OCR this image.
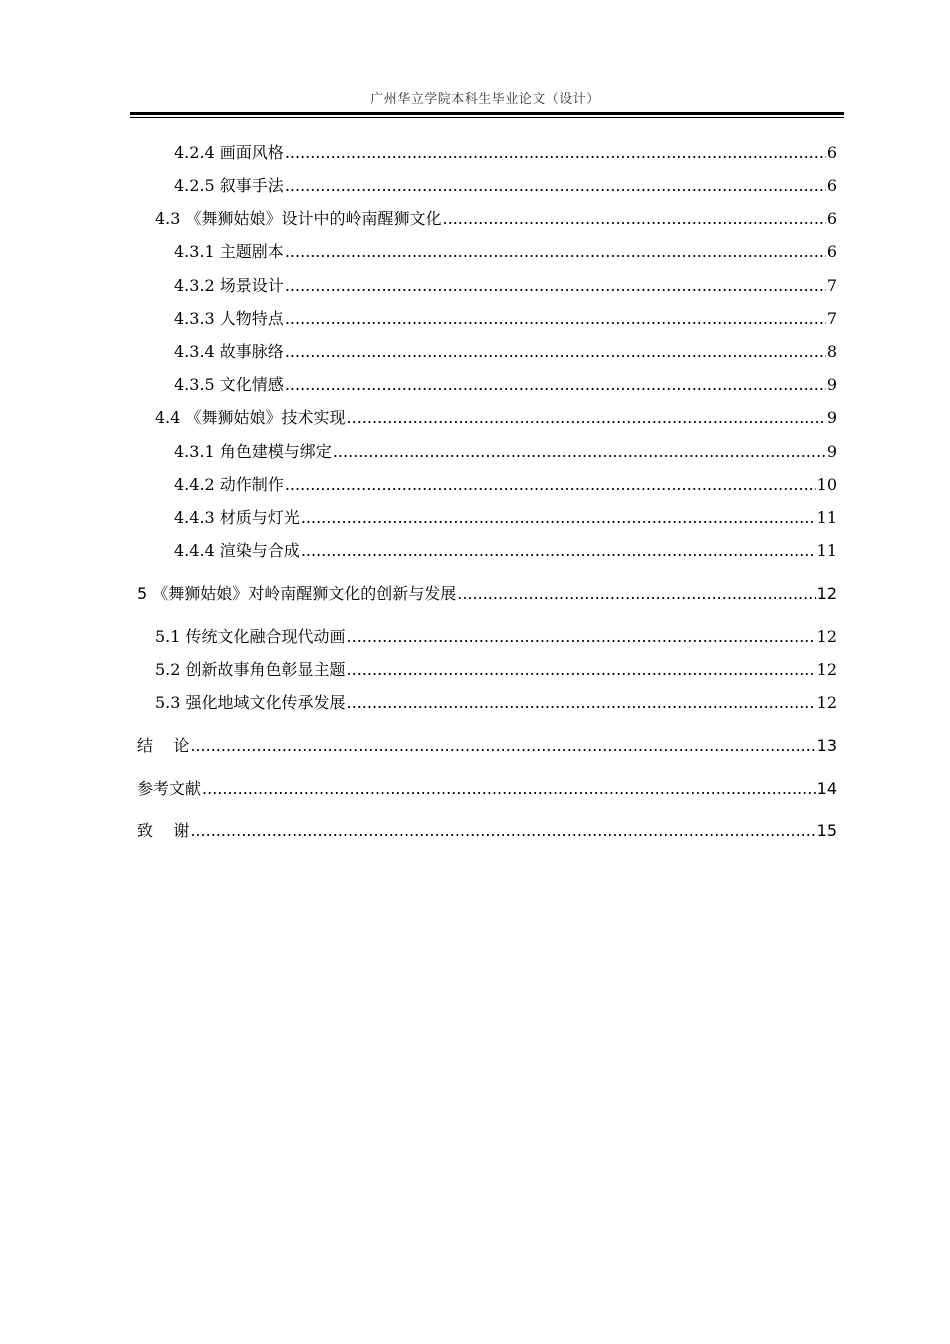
广州华立学院本科生毕业论文（设计）
4.2.4 画面风格 .....	6
4.2.5 叙事手法 .....	6
4.3 《舞狮姑娘》设计中的岭南醒狮文化 .....	6
4.3.1 主题剧本 .....	6
4.3.2 场景设计 .....	7
4.3.3 人物特点 .....	7
4.3.4 故事脉络 .....	8
4.3.5 文化情感 .....	9
4.4 《舞狮姑娘》技术实现 .....	9
4.3.1 角色建模与绑定 .....	9
4.4.2 动作制作 .....	10
4.4.3 材质与灯光 .....	11
4.4.4 渲染与合成 .....	11
5 《舞狮姑娘》对岭南醒狮文化的创新与发展 .....	12
5.1 传统文化融合现代动画 .....	12
5.2 创新故事角色彰显主题 .....	12
5.3 强化地域文化传承发展 .....	12
结    论 .....	13
参考文献 .....	14
致    谢 .....	15
